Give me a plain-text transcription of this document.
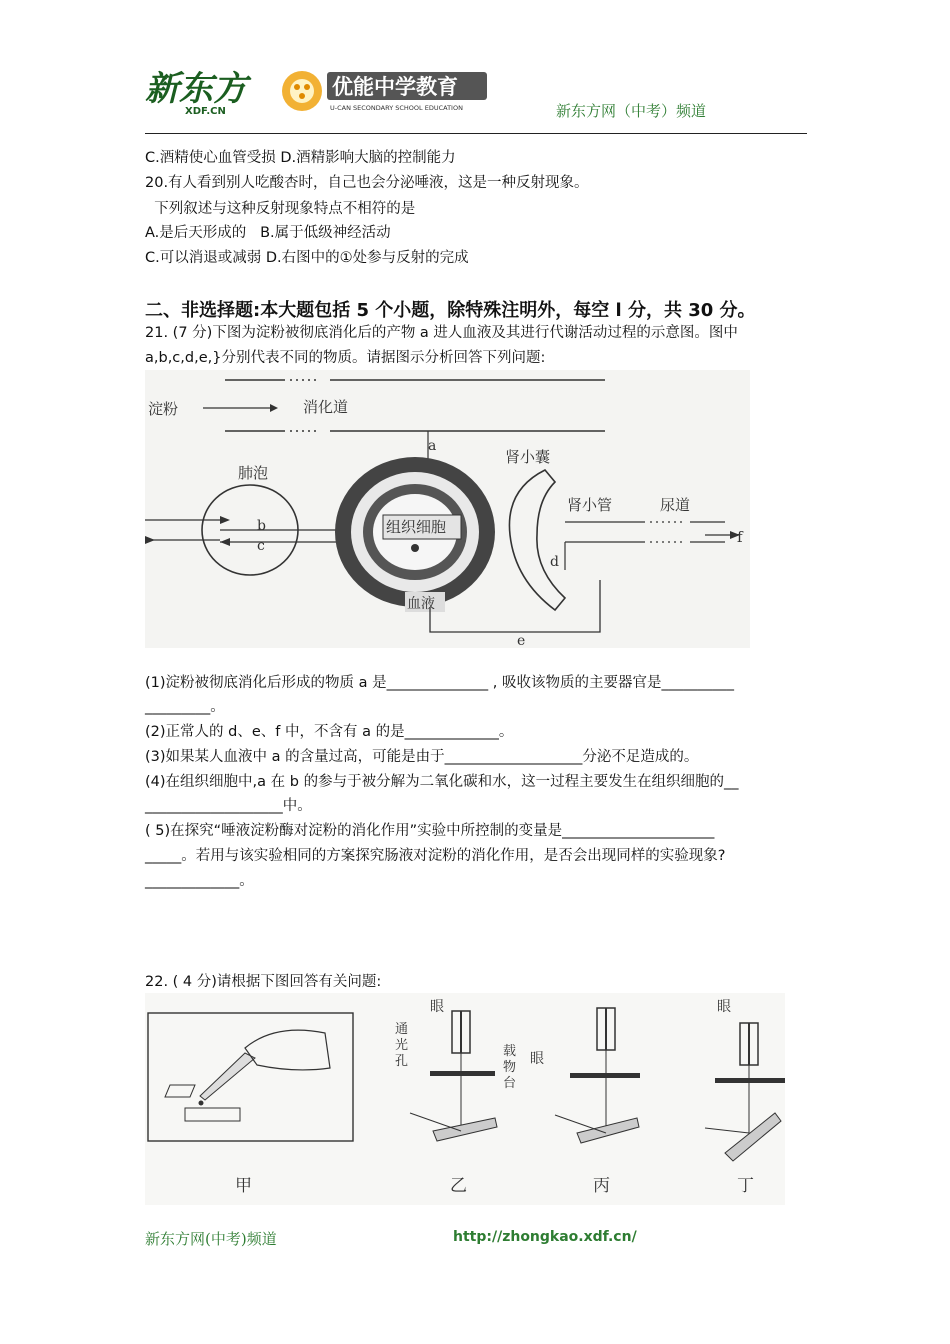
新东方
XDF.CN
优能中学教育
U-CAN SECONDARY SCHOOL EDUCATION	新东方网（中考）频道
C.酒精使心血管受损 D.酒精影响大脑的控制能力
20.有人看到别人吃酸杏时，自己也会分泌唾液，这是一种反射现象。
下列叙述与这种反射现象特点不相符的是
A.是后天形成的   B.属于低级神经活动
C.可以消退或减弱 D.右图中的①处参与反射的完成
二、非选择题:本大题包括 5 个小题，除特殊注明外，每空 l 分，共 30 分。
21. (7 分)下图为淀粉被彻底消化后的产物 a 进人血液及其进行代谢活动过程的示意图。图中
a,b,c,d,e,}分别代表不同的物质。请据图示分析回答下列问题:
淀粉	消化道
a
肺泡
b
c
组织细胞
血液
肾小囊
肾小管	尿道
f
d
e
(1)淀粉被彻底消化后形成的物质 a 是______________ , 吸收该物质的主要器官是__________
_________。
(2)正常人的 d、e、f 中，不含有 a 的是_____________。
(3)如果某人血液中 a 的含量过高，可能是由于___________________分泌不足造成的。
(4)在组织细胞中,a 在 b 的参与于被分解为二氧化碳和水，这一过程主要发生在组织细胞的__
___________________中。
( 5)在探究“唾液淀粉酶对淀粉的消化作用”实验中所控制的变量是_____________________
_____。若用与该实验相同的方案探究肠液对淀粉的消化作用，是否会出现同样的实验现象?
_____________。
22. ( 4 分)请根据下图回答有关问题:
甲
眼
通
光
孔
载
物
台
乙
眼
丙
眼
丁
新东方网(中考)频道	http://zhongkao.xdf.cn/
